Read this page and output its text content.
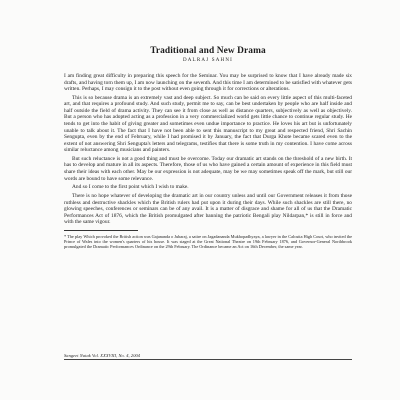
Traditional and New Drama
DALRAJ SAHNI

I am finding great difficulty in preparing this speech for the Seminar. You may be surprised to know that I have already made six drafts, and having torn them up, I am now launching on the seventh. And this time I am determined to be satisfied with whatever gets written. Perhaps, I may consign it to the post without even going through it for corrections or alterations.

This is so because drama is an extremely vast and deep subject. So much can be said on every little aspect of this multi-faceted art, and that requires a profound study. And such study, permit me to say, can be best undertaken by people who are half inside and half outside the field of drama activity. They can see it from close as well as distance quarters, subjectively as well as objectively. But a person who has adopted acting as a profession in a very commercialized world gets little chance to continue regular study. He tends to get into the habit of giving greater and sometimes even undue importance to practice. He loves his art but is unfortunately unable to talk about it. The fact that I have not been able to sent this manuscript to my great and respected friend, Shri Sachin Sengupta, even by the end of February, while I had promised it by January, the fact that Durga Khote became scared even to the extent of not answering Shri Sengupta's letters and telegrams, testifies that there is some truth in my contention. I have come across similar reluctance among musicians and painters.

But such reluctance is not a good thing and must be overcome. Today our dramatic art stands on the threshold of a new birth. It has to develop and mature in all its aspects. Therefore, those of us who have gained a certain amount of experience in this field must share their ideas with each other. May be our expression is not adequate, may be we may sometimes speak off the mark, but still our words are bound to have some relevance.

And so I come to the first point which I wish to make.

There is no hope whatever of developing the dramatic art in our country unless and until our Government releases it from those ruthless and destructive shackles which the British rulers had put upon it during their days. While such shackles are still there, no glowing speeches, conferences or seminars can be of any avail. It is a matter of disgrace and shame for all of us that the Dramatic Performances Act of 1876, which the British promulgated after banning the patriotic Bengali play Nildarpan,* is still in force and with the same vigour.

* The play Which provoked the British action was Gajananda o Jubaraj, a satire on Jagadananda Mukhopadhyaya, a lawyer in the Calcutta High Court, who invited the Prince of Wales into the women's quarters of his house. It was staged at the Great National Theatre on 19th February 1876, and Governor-General Northbrook promulgated the Dramatic Performances Ordinance on the 29th February. The Ordinance became an Act on 16th December, the same year.
Sangeet Natak Vol. XXXVIII, No. 4, 2004
